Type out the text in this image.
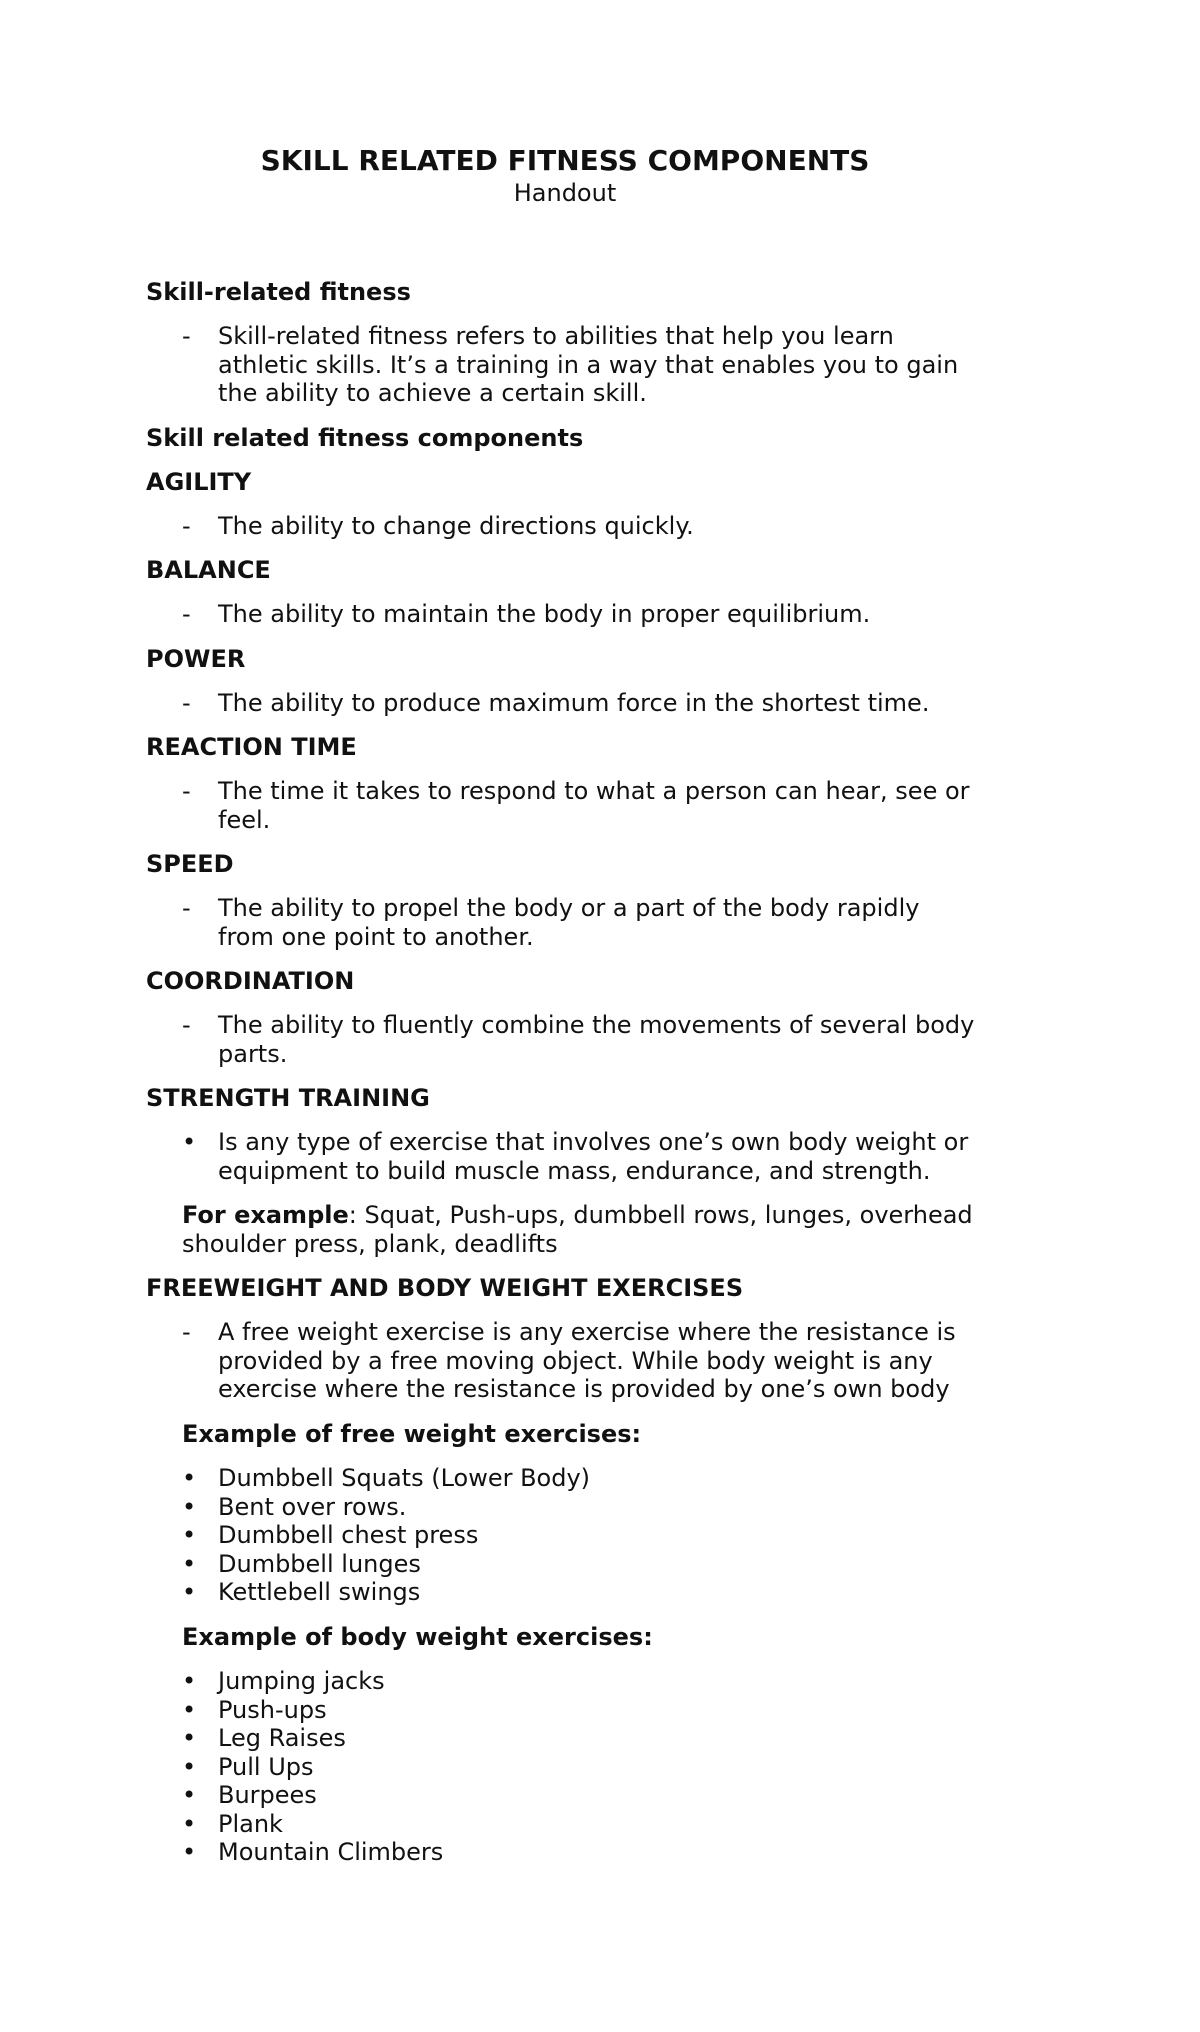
SKILL RELATED FITNESS COMPONENTS
Handout
Skill-related fitness
- Skill-related fitness refers to abilities that help you learn athletic skills. It’s a training in a way that enables you to gain the ability to achieve a certain skill.
Skill related fitness components
AGILITY
- The ability to change directions quickly.
BALANCE
- The ability to maintain the body in proper equilibrium.
POWER
- The ability to produce maximum force in the shortest time.
REACTION TIME
- The time it takes to respond to what a person can hear, see or feel.
SPEED
- The ability to propel the body or a part of the body rapidly from one point to another.
COORDINATION
- The ability to fluently combine the movements of several body parts.
STRENGTH TRAINING
• Is any type of exercise that involves one’s own body weight or equipment to build muscle mass, endurance, and strength.
For example: Squat, Push-ups, dumbbell rows, lunges, overhead shoulder press, plank, deadlifts
FREEWEIGHT AND BODY WEIGHT EXERCISES
- A free weight exercise is any exercise where the resistance is provided by a free moving object. While body weight is any exercise where the resistance is provided by one’s own body
Example of free weight exercises:
• Dumbbell Squats (Lower Body)
• Bent over rows.
• Dumbbell chest press
• Dumbbell lunges
• Kettlebell swings
Example of body weight exercises:
• Jumping jacks
• Push-ups
• Leg Raises
• Pull Ups
• Burpees
• Plank
• Mountain Climbers
